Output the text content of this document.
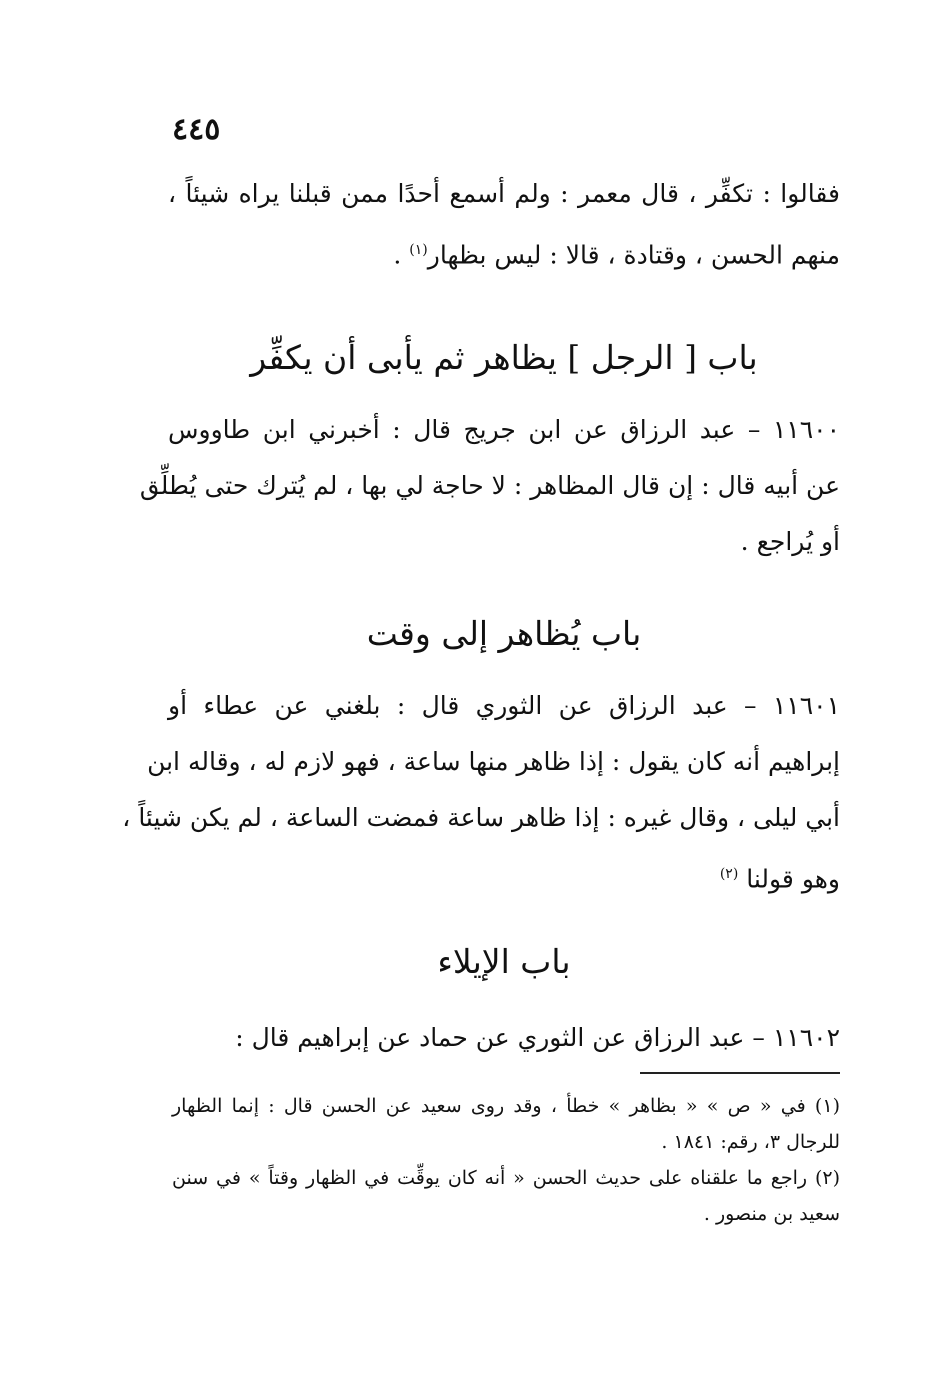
٤٤٥
فقالوا : تكفِّر ، قال معمر : ولم أسمع أحدًا ممن قبلنا يراه شيئاً ،
منهم الحسن ، وقتادة ، قالا : ليس بظهار$^{(١)}$ .
باب [ الرجل ] يظاهر ثم يأبى أن يكفِّر
١١٦٠٠ – عبد الرزاق عن ابن جريج قال : أخبرني ابن طاووس
عن أبيه قال : إن قال المظاهر : لا حاجة لي بها ، لم يُترك حتى يُطلِّق
أو يُراجع .
باب يُظاهر إلى وقت
١١٦٠١ – عبد الرزاق عن الثوري قال : بلغني عن عطاء أو
إبراهيم أنه كان يقول : إذا ظاهر منها ساعة ، فهو لازم له ، وقاله ابن
أبي ليلى ، وقال غيره : إذا ظاهر ساعة فمضت الساعة ، لم يكن شيئاً ،
وهو قولنا $^{(٢)}$
باب الإيلاء
١١٦٠٢ – عبد الرزاق عن الثوري عن حماد عن إبراهيم قال :
(١) في « ص » « بظاهر » خطأ ، وقد روى سعيد عن الحسن قال : إنما الظهار
للرجال ٣، رقم: ١٨٤١ .
(٢) راجع ما علقناه على حديث الحسن « أنه كان يوقِّت في الظهار وقتاً » في سنن
سعيد بن منصور .
